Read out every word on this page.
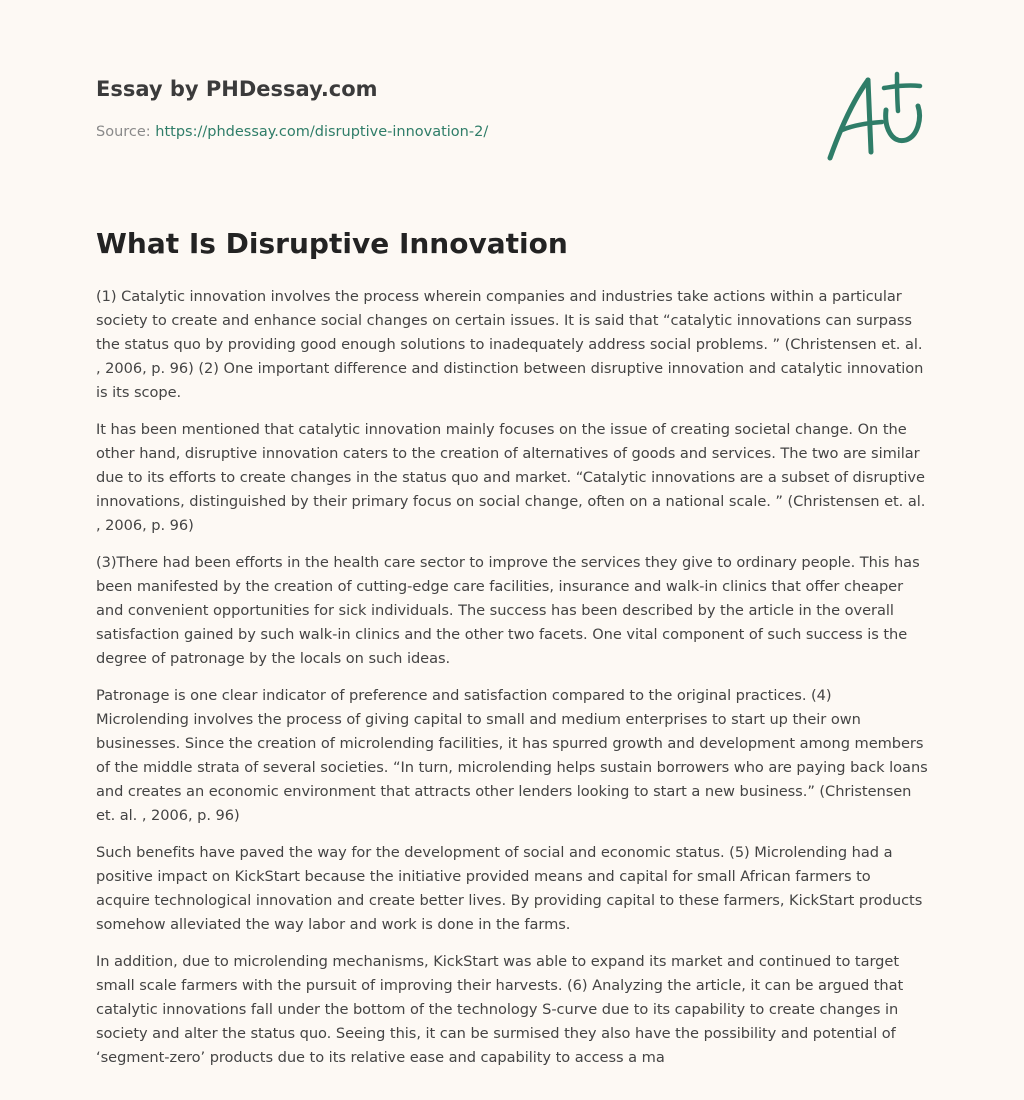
Essay by PHDessay.com
Source: https://phdessay.com/disruptive-innovation-2/
What Is Disruptive Innovation

(1) Catalytic innovation involves the process wherein companies and industries take actions within a particular society to create and enhance social changes on certain issues. It is said that “catalytic innovations can surpass the status quo by providing good enough solutions to inadequately address social problems. ” (Christensen et. al. , 2006, p. 96) (2) One important difference and distinction between disruptive innovation and catalytic innovation is its scope.

It has been mentioned that catalytic innovation mainly focuses on the issue of creating societal change. On the other hand, disruptive innovation caters to the creation of alternatives of goods and services. The two are similar due to its efforts to create changes in the status quo and market. “Catalytic innovations are a subset of disruptive innovations, distinguished by their primary focus on social change, often on a national scale. ” (Christensen et. al. , 2006, p. 96)

(3)There had been efforts in the health care sector to improve the services they give to ordinary people. This has been manifested by the creation of cutting-edge care facilities, insurance and walk-in clinics that offer cheaper and convenient opportunities for sick individuals. The success has been described by the article in the overall satisfaction gained by such walk-in clinics and the other two facets. One vital component of such success is the degree of patronage by the locals on such ideas.

Patronage is one clear indicator of preference and satisfaction compared to the original practices. (4) Microlending involves the process of giving capital to small and medium enterprises to start up their own businesses. Since the creation of microlending facilities, it has spurred growth and development among members of the middle strata of several societies. “In turn, microlending helps sustain borrowers who are paying back loans and creates an economic environment that attracts other lenders looking to start a new business.” (Christensen et. al. , 2006, p. 96)

Such benefits have paved the way for the development of social and economic status. (5) Microlending had a positive impact on KickStart because the initiative provided means and capital for small African farmers to acquire technological innovation and create better lives. By providing capital to these farmers, KickStart products somehow alleviated the way labor and work is done in the farms.

In addition, due to microlending mechanisms, KickStart was able to expand its market and continued to target small scale farmers with the pursuit of improving their harvests. (6) Analyzing the article, it can be argued that catalytic innovations fall under the bottom of the technology S-curve due to its capability to create changes in society and alter the status quo. Seeing this, it can be surmised they also have the possibility and potential of ‘segment-zero’ products due to its relative ease and capability to access a ma
